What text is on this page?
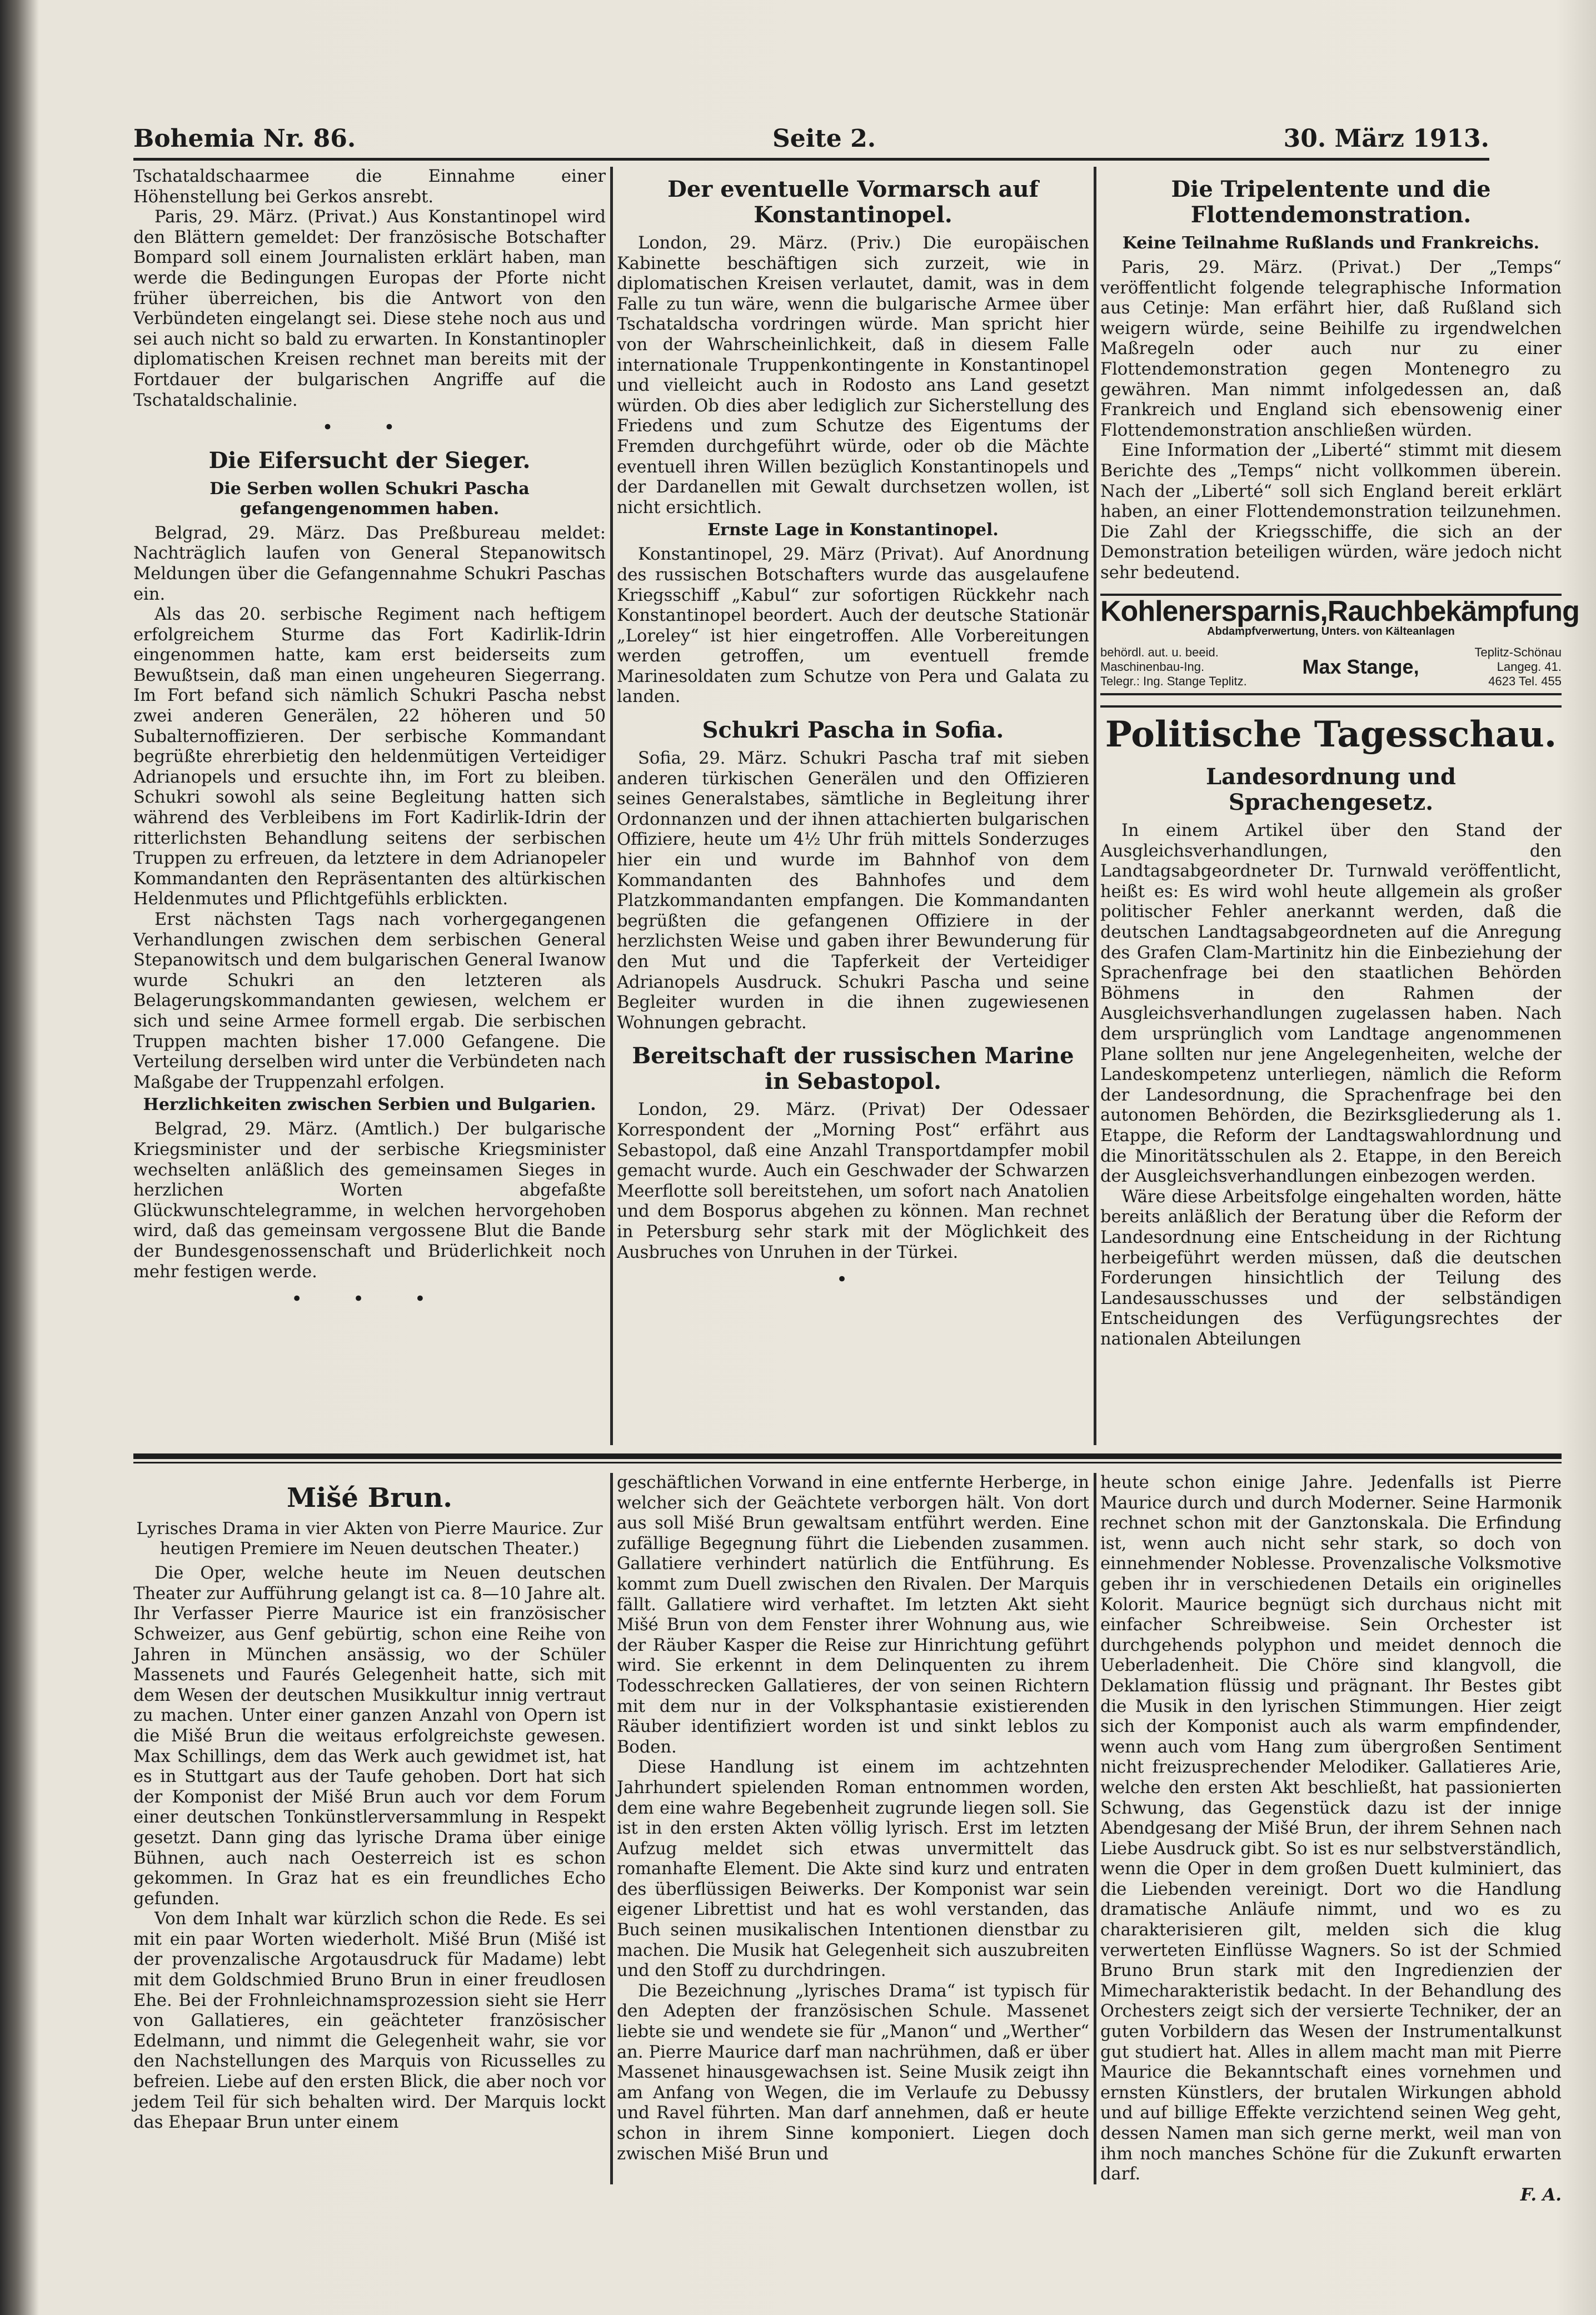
Bohemia Nr. 86.	Seite 2.	30. März 1913.

Tschataldschaarmee die Einnahme einer Höhenstellung bei Gerkos ansrebt.

Paris, 29. März. (Privat.) Aus Konstantinopel wird den Blättern gemeldet: Der französische Botschafter Bompard soll einem Journalisten erklärt haben, man werde die Bedingungen Europas der Pforte nicht früher überreichen, bis die Antwort von den Verbündeten eingelangt sei. Diese stehe noch aus und sei auch nicht so bald zu erwarten. In Konstantinopler diplomatischen Kreisen rechnet man bereits mit der Fortdauer der bulgarischen Angriffe auf die Tschataldschalinie.

• •
Die Eifersucht der Sieger.
Die Serben wollen Schukri Pascha gefangengenommen haben.

Belgrad, 29. März. Das Preßbureau meldet: Nachträglich laufen von General Stepanowitsch Meldungen über die Gefangennahme Schukri Paschas ein.

Als das 20. serbische Regiment nach heftigem erfolgreichem Sturme das Fort Kadirlik-Idrin eingenommen hatte, kam erst beiderseits zum Bewußtsein, daß man einen ungeheuren Siegerrang. Im Fort befand sich nämlich Schukri Pascha nebst zwei anderen Generälen, 22 höheren und 50 Subalternoffizieren. Der serbische Kommandant begrüßte ehrerbietig den heldenmütigen Verteidiger Adrianopels und ersuchte ihn, im Fort zu bleiben. Schukri sowohl als seine Begleitung hatten sich während des Verbleibens im Fort Kadirlik-Idrin der ritterlichsten Behandlung seitens der serbischen Truppen zu erfreuen, da letztere in dem Adrianopeler Kommandanten den Repräsentanten des altürkischen Heldenmutes und Pflichtgefühls erblickten.

Erst nächsten Tags nach vorhergegangenen Verhandlungen zwischen dem serbischen General Stepanowitsch und dem bulgarischen General Iwanow wurde Schukri an den letzteren als Belagerungskommandanten gewiesen, welchem er sich und seine Armee formell ergab. Die serbischen Truppen machten bisher 17.000 Gefangene. Die Verteilung derselben wird unter die Verbündeten nach Maßgabe der Truppenzahl erfolgen.

Herzlichkeiten zwischen Serbien und Bulgarien.

Belgrad, 29. März. (Amtlich.) Der bulgarische Kriegsminister und der serbische Kriegsminister wechselten anläßlich des gemeinsamen Sieges in herzlichen Worten abgefaßte Glückwunschtelegramme, in welchen hervorgehoben wird, daß das gemeinsam vergossene Blut die Bande der Bundesgenossenschaft und Brüderlichkeit noch mehr festigen werde.

• • •
Der eventuelle Vormarsch auf Konstantinopel.

London, 29. März. (Priv.) Die europäischen Kabinette beschäftigen sich zurzeit, wie in diplomatischen Kreisen verlautet, damit, was in dem Falle zu tun wäre, wenn die bulgarische Armee über Tschataldscha vordringen würde. Man spricht hier von der Wahrscheinlichkeit, daß in diesem Falle internationale Truppenkontingente in Konstantinopel und vielleicht auch in Rodosto ans Land gesetzt würden. Ob dies aber lediglich zur Sicherstellung des Friedens und zum Schutze des Eigentums der Fremden durchgeführt würde, oder ob die Mächte eventuell ihren Willen bezüglich Konstantinopels und der Dardanellen mit Gewalt durchsetzen wollen, ist nicht ersichtlich.

Ernste Lage in Konstantinopel.

Konstantinopel, 29. März (Privat). Auf Anordnung des russischen Botschafters wurde das ausgelaufene Kriegsschiff „Kabul“ zur sofortigen Rückkehr nach Konstantinopel beordert. Auch der deutsche Stationär „Loreley“ ist hier eingetroffen. Alle Vorbereitungen werden getroffen, um eventuell fremde Marinesoldaten zum Schutze von Pera und Galata zu landen.

Schukri Pascha in Sofia.

Sofia, 29. März. Schukri Pascha traf mit sieben anderen türkischen Generälen und den Offizieren seines Generalstabes, sämtliche in Begleitung ihrer Ordonnanzen und der ihnen attachierten bulgarischen Offiziere, heute um 4½ Uhr früh mittels Sonderzuges hier ein und wurde im Bahnhof von dem Kommandanten des Bahnhofes und dem Platzkommandanten empfangen. Die Kommandanten begrüßten die gefangenen Offiziere in der herzlichsten Weise und gaben ihrer Bewunderung für den Mut und die Tapferkeit der Verteidiger Adrianopels Ausdruck. Schukri Pascha und seine Begleiter wurden in die ihnen zugewiesenen Wohnungen gebracht.

Bereitschaft der russischen Marine in Sebastopol.

London, 29. März. (Privat) Der Odessaer Korrespondent der „Morning Post“ erfährt aus Sebastopol, daß eine Anzahl Transportdampfer mobil gemacht wurde. Auch ein Geschwader der Schwarzen Meerflotte soll bereitstehen, um sofort nach Anatolien und dem Bosporus abgehen zu können. Man rechnet in Petersburg sehr stark mit der Möglichkeit des Ausbruches von Unruhen in der Türkei.

•
Die Tripelentente und die Flottendemonstration.
Keine Teilnahme Rußlands und Frankreichs.

Paris, 29. März. (Privat.) Der „Temps“ veröffentlicht folgende telegraphische Information aus Cetinje: Man erfährt hier, daß Rußland sich weigern würde, seine Beihilfe zu irgendwelchen Maßregeln oder auch nur zu einer Flottendemonstration gegen Montenegro zu gewähren. Man nimmt infolgedessen an, daß Frankreich und England sich ebensowenig einer Flottendemonstration anschließen würden.

Eine Information der „Liberté“ stimmt mit diesem Berichte des „Temps“ nicht vollkommen überein. Nach der „Liberté“ soll sich England bereit erklärt haben, an einer Flottendemonstration teilzunehmen. Die Zahl der Kriegsschiffe, die sich an der Demonstration beteiligen würden, wäre jedoch nicht sehr bedeutend.

Kohlenersparnis,Rauchbekämpfung
Abdampfverwertung, Unters. von Kälteanlagen
behördl. aut. u. beeid.
Maschinenbau-Ing.
Telegr.: Ing. Stange Teplitz.
Max Stange,
Teplitz-Schönau
Langeg. 41.
4623 Tel. 455
Politische Tagesschau.
Landesordnung und Sprachengesetz.

In einem Artikel über den Stand der Ausgleichsverhandlungen, den Landtagsabgeordneter Dr. Turnwald veröffentlicht, heißt es: Es wird wohl heute allgemein als großer politischer Fehler anerkannt werden, daß die deutschen Landtagsabgeordneten auf die Anregung des Grafen Clam-Martinitz hin die Einbeziehung der Sprachenfrage bei den staatlichen Behörden Böhmens in den Rahmen der Ausgleichsverhandlungen zugelassen haben. Nach dem ursprünglich vom Landtage angenommenen Plane sollten nur jene Angelegenheiten, welche der Landeskompetenz unterliegen, nämlich die Reform der Landesordnung, die Sprachenfrage bei den autonomen Behörden, die Bezirksgliederung als 1. Etappe, die Reform der Landtagswahlordnung und die Minoritätsschulen als 2. Etappe, in den Bereich der Ausgleichsverhandlungen einbezogen werden.

Wäre diese Arbeitsfolge eingehalten worden, hätte bereits anläßlich der Beratung über die Reform der Landesordnung eine Entscheidung in der Richtung herbeigeführt werden müssen, daß die deutschen Forderungen hinsichtlich der Teilung des Landesausschusses und der selbständigen Entscheidungen des Verfügungsrechtes der nationalen Abteilungen

Mišé Brun.
Lyrisches Drama in vier Akten von Pierre Maurice. Zur heutigen Premiere im Neuen deutschen Theater.)

Die Oper, welche heute im Neuen deutschen Theater zur Aufführung gelangt ist ca. 8—10 Jahre alt. Ihr Verfasser Pierre Maurice ist ein französischer Schweizer, aus Genf gebürtig, schon eine Reihe von Jahren in München ansässig, wo der Schüler Massenets und Faurés Gelegenheit hatte, sich mit dem Wesen der deutschen Musikkultur innig vertraut zu machen. Unter einer ganzen Anzahl von Opern ist die Mišé Brun die weitaus erfolgreichste gewesen. Max Schillings, dem das Werk auch gewidmet ist, hat es in Stuttgart aus der Taufe gehoben. Dort hat sich der Komponist der Mišé Brun auch vor dem Forum einer deutschen Tonkünstlerversammlung in Respekt gesetzt. Dann ging das lyrische Drama über einige Bühnen, auch nach Oesterreich ist es schon gekommen. In Graz hat es ein freundliches Echo gefunden.

Von dem Inhalt war kürzlich schon die Rede. Es sei mit ein paar Worten wiederholt. Mišé Brun (Mišé ist der provenzalische Argotausdruck für Madame) lebt mit dem Goldschmied Bruno Brun in einer freudlosen Ehe. Bei der Frohnleichnamsprozession sieht sie Herr von Gallatieres, ein geächteter französischer Edelmann, und nimmt die Gelegenheit wahr, sie vor den Nachstellungen des Marquis von Ricusselles zu befreien. Liebe auf den ersten Blick, die aber noch vor jedem Teil für sich behalten wird. Der Marquis lockt das Ehepaar Brun unter einem

geschäftlichen Vorwand in eine entfernte Herberge, in welcher sich der Geächtete verborgen hält. Von dort aus soll Mišé Brun gewaltsam entführt werden. Eine zufällige Begegnung führt die Liebenden zusammen. Gallatiere verhindert natürlich die Entführung. Es kommt zum Duell zwischen den Rivalen. Der Marquis fällt. Gallatiere wird verhaftet. Im letzten Akt sieht Mišé Brun von dem Fenster ihrer Wohnung aus, wie der Räuber Kasper die Reise zur Hinrichtung geführt wird. Sie erkennt in dem Delinquenten zu ihrem Todesschrecken Gallatieres, der von seinen Richtern mit dem nur in der Volksphantasie existierenden Räuber identifiziert worden ist und sinkt leblos zu Boden.

Diese Handlung ist einem im achtzehnten Jahrhundert spielenden Roman entnommen worden, dem eine wahre Begebenheit zugrunde liegen soll. Sie ist in den ersten Akten völlig lyrisch. Erst im letzten Aufzug meldet sich etwas unvermittelt das romanhafte Element. Die Akte sind kurz und entraten des überflüssigen Beiwerks. Der Komponist war sein eigener Librettist und hat es wohl verstanden, das Buch seinen musikalischen Intentionen dienstbar zu machen. Die Musik hat Gelegenheit sich auszubreiten und den Stoff zu durchdringen.

Die Bezeichnung „lyrisches Drama“ ist typisch für den Adepten der französischen Schule. Massenet liebte sie und wendete sie für „Manon“ und „Werther“ an. Pierre Maurice darf man nachrühmen, daß er über Massenet hinausgewachsen ist. Seine Musik zeigt ihn am Anfang von Wegen, die im Verlaufe zu Debussy und Ravel führten. Man darf annehmen, daß er heute schon in ihrem Sinne komponiert. Liegen doch zwischen Mišé Brun und

heute schon einige Jahre. Jedenfalls ist Pierre Maurice durch und durch Moderner. Seine Harmonik rechnet schon mit der Ganztonskala. Die Erfindung ist, wenn auch nicht sehr stark, so doch von einnehmender Noblesse. Provenzalische Volksmotive geben ihr in verschiedenen Details ein originelles Kolorit. Maurice begnügt sich durchaus nicht mit einfacher Schreibweise. Sein Orchester ist durchgehends polyphon und meidet dennoch die Ueberladenheit. Die Chöre sind klangvoll, die Deklamation flüssig und prägnant. Ihr Bestes gibt die Musik in den lyrischen Stimmungen. Hier zeigt sich der Komponist auch als warm empfindender, wenn auch vom Hang zum übergroßen Sentiment nicht freizusprechender Melodiker. Gallatieres Arie, welche den ersten Akt beschließt, hat passionierten Schwung, das Gegenstück dazu ist der innige Abendgesang der Mišé Brun, der ihrem Sehnen nach Liebe Ausdruck gibt. So ist es nur selbstverständlich, wenn die Oper in dem großen Duett kulminiert, das die Liebenden vereinigt. Dort wo die Handlung dramatische Anläufe nimmt, und wo es zu charakterisieren gilt, melden sich die klug verwerteten Einflüsse Wagners. So ist der Schmied Bruno Brun stark mit den Ingredienzien der Mimecharakteristik bedacht. In der Behandlung des Orchesters zeigt sich der versierte Techniker, der an guten Vorbildern das Wesen der Instrumentalkunst gut studiert hat. Alles in allem macht man mit Pierre Maurice die Bekanntschaft eines vornehmen und ernsten Künstlers, der brutalen Wirkungen abhold und auf billige Effekte verzichtend seinen Weg geht, dessen Namen man sich gerne merkt, weil man von ihm noch manches Schöne für die Zukunft erwarten darf.

F. A.
